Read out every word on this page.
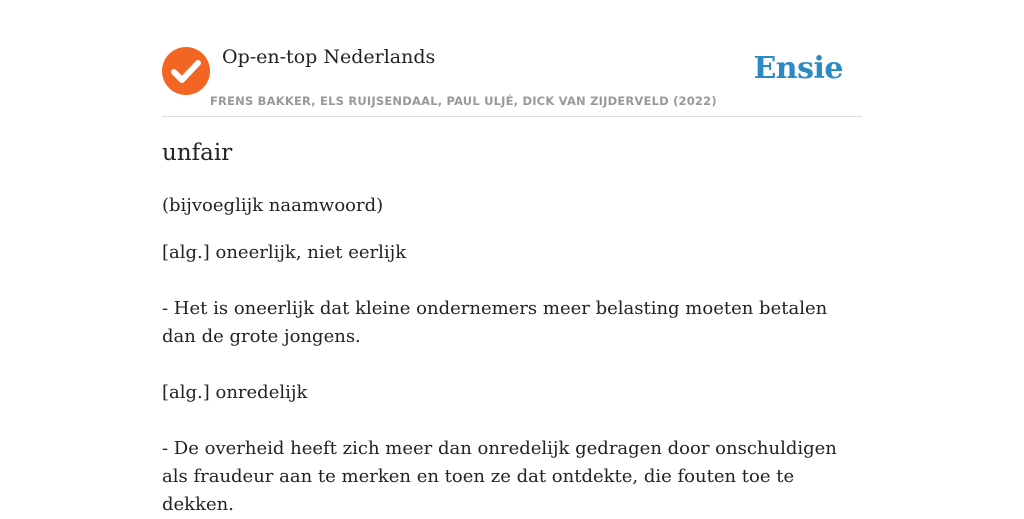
Op-en-top Nederlands
FRENS BAKKER, ELS RUIJSENDAAL, PAUL ULJÉ, DICK VAN ZIJDERVELD (2022)
Ensie
unfair
(bijvoeglijk naamwoord)
[alg.] oneerlijk, niet eerlijk
- Het is oneerlijk dat kleine ondernemers meer belasting moeten betalen dan de grote jongens.
[alg.] onredelijk
- De overheid heeft zich meer dan onredelijk gedragen door onschuldigen als fraudeur aan te merken en toen ze dat ontdekte, die fouten toe te dekken.
